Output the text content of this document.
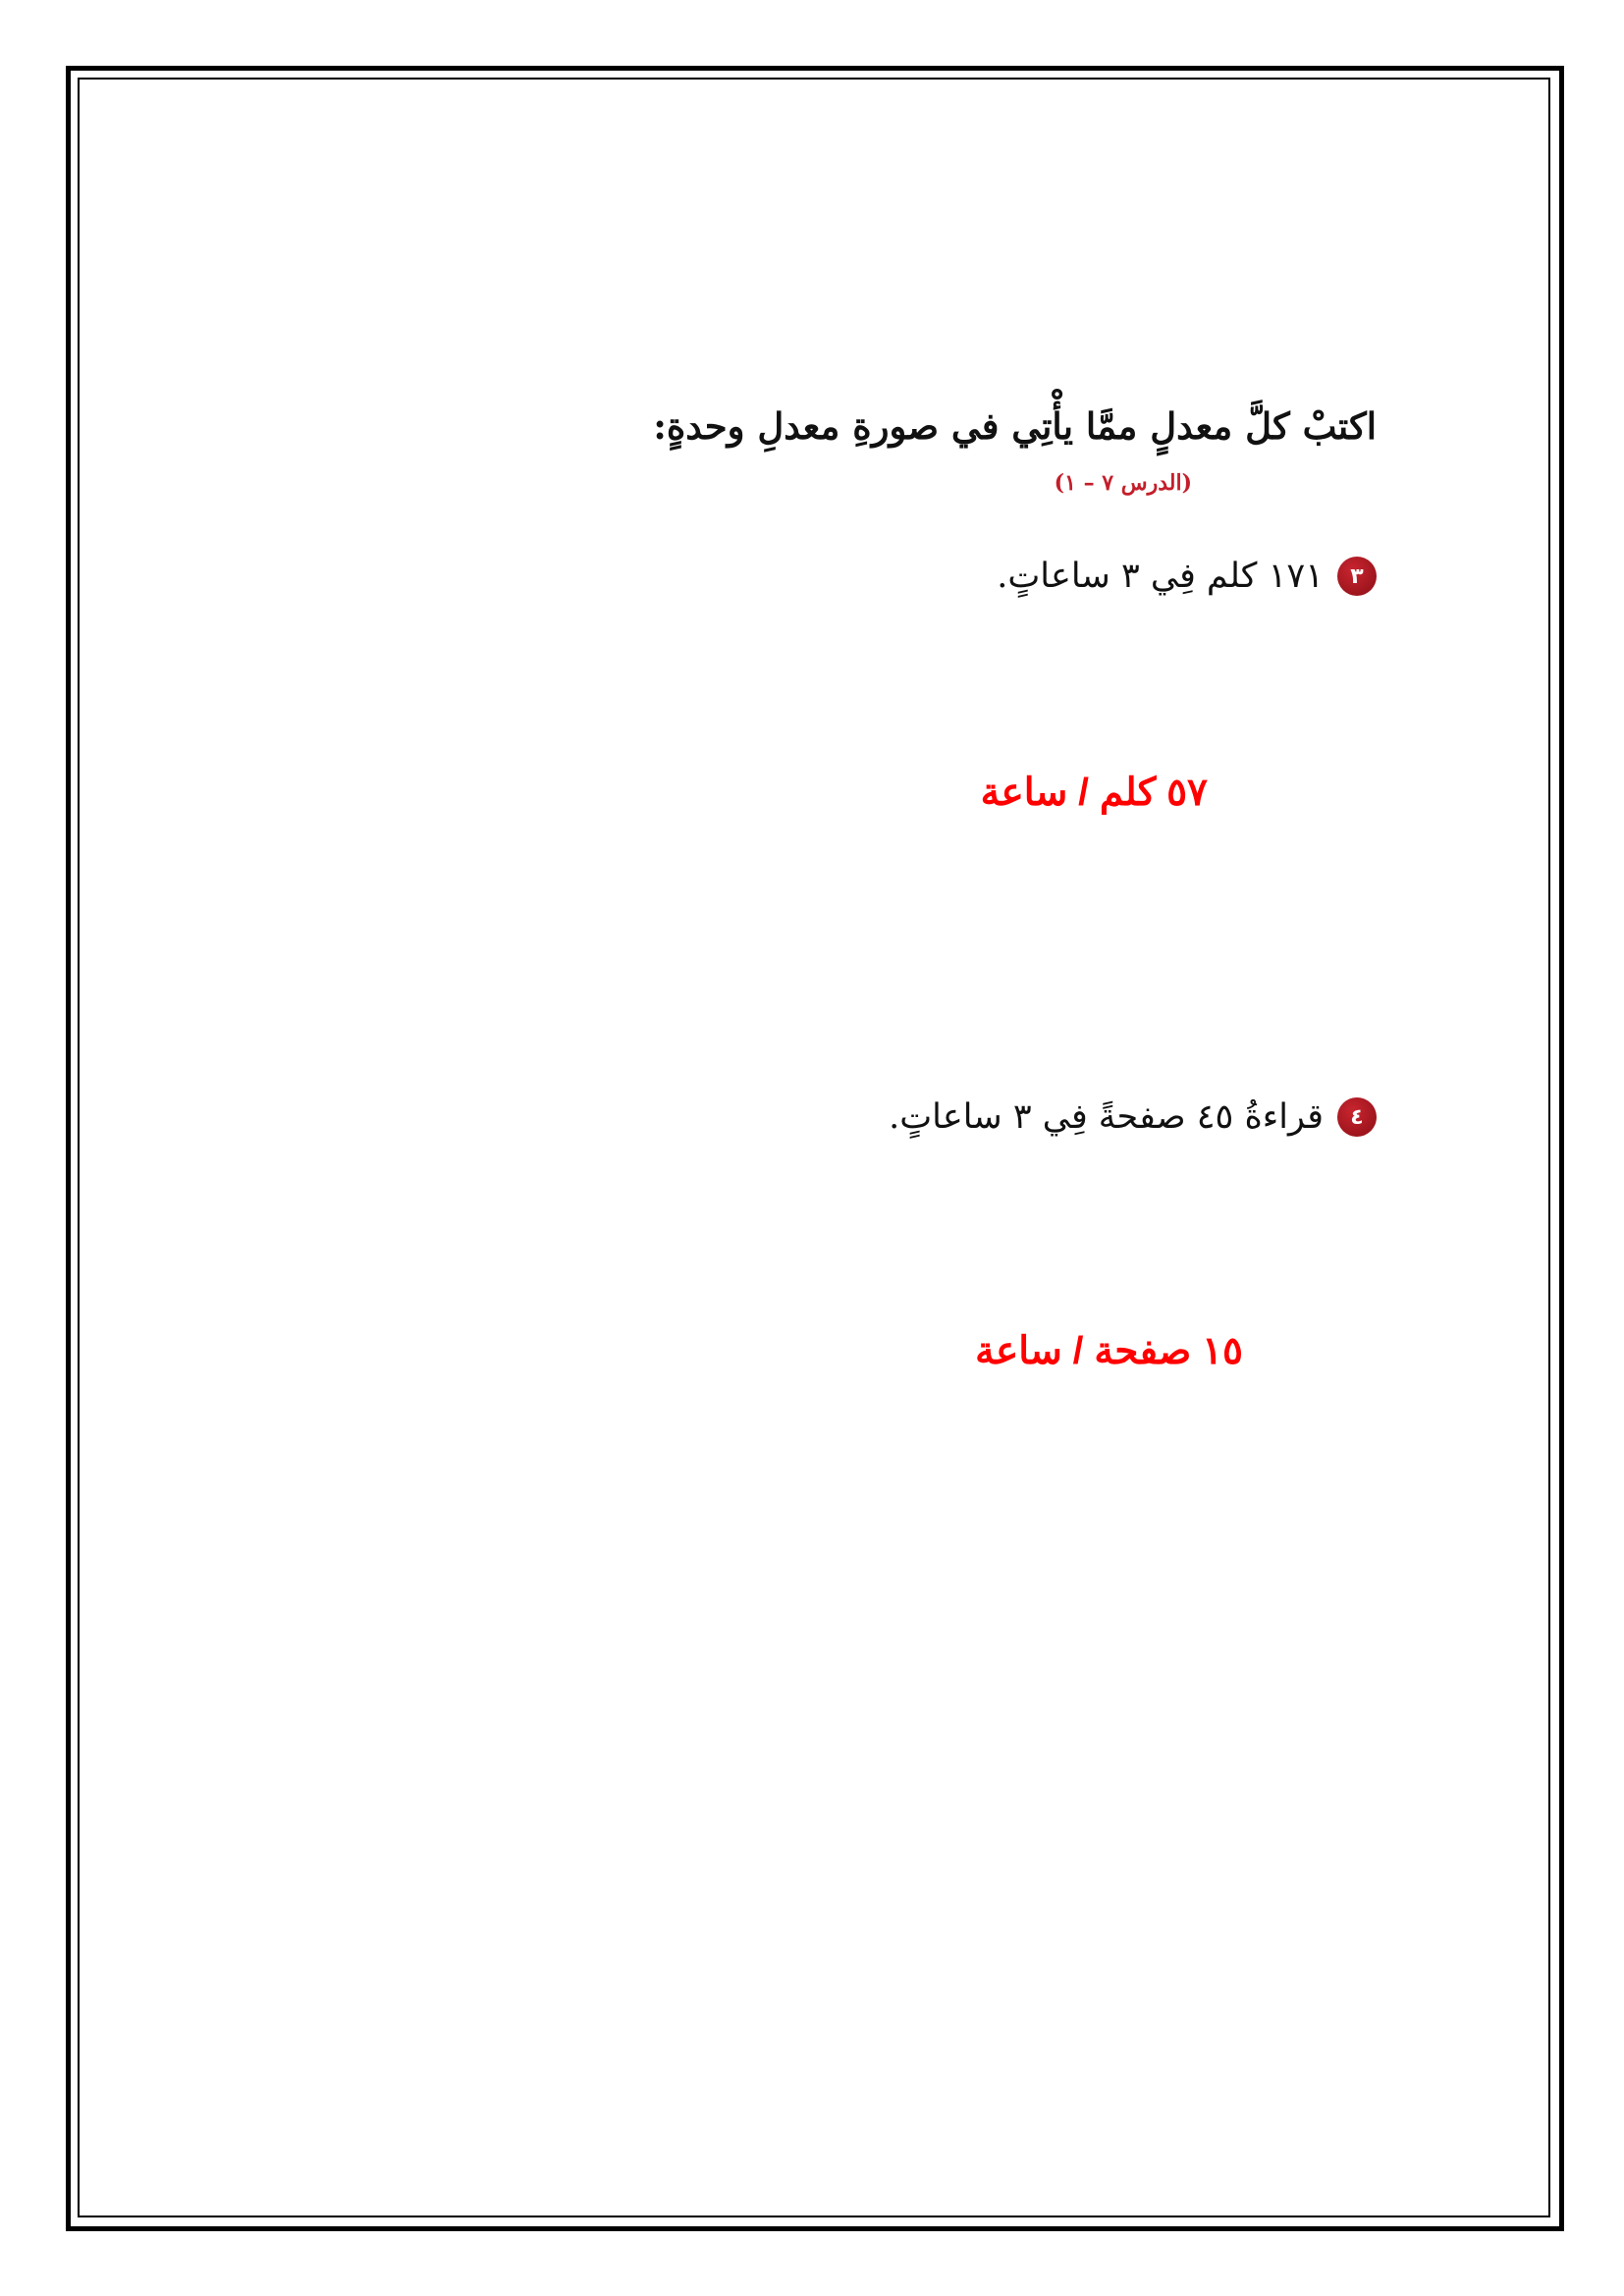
اكتبْ كلَّ معدلٍ ممَّا يأْتِي في صورةِ معدلِ وحدةٍ:
(الدرس ٧ – ١)
٣
١٧١ كلم فِي ٣ ساعاتٍ.
٥٧ كلم / ساعة
٤
قراءةُ ٤٥ صفحةً فِي ٣ ساعاتٍ.
١٥ صفحة / ساعة
